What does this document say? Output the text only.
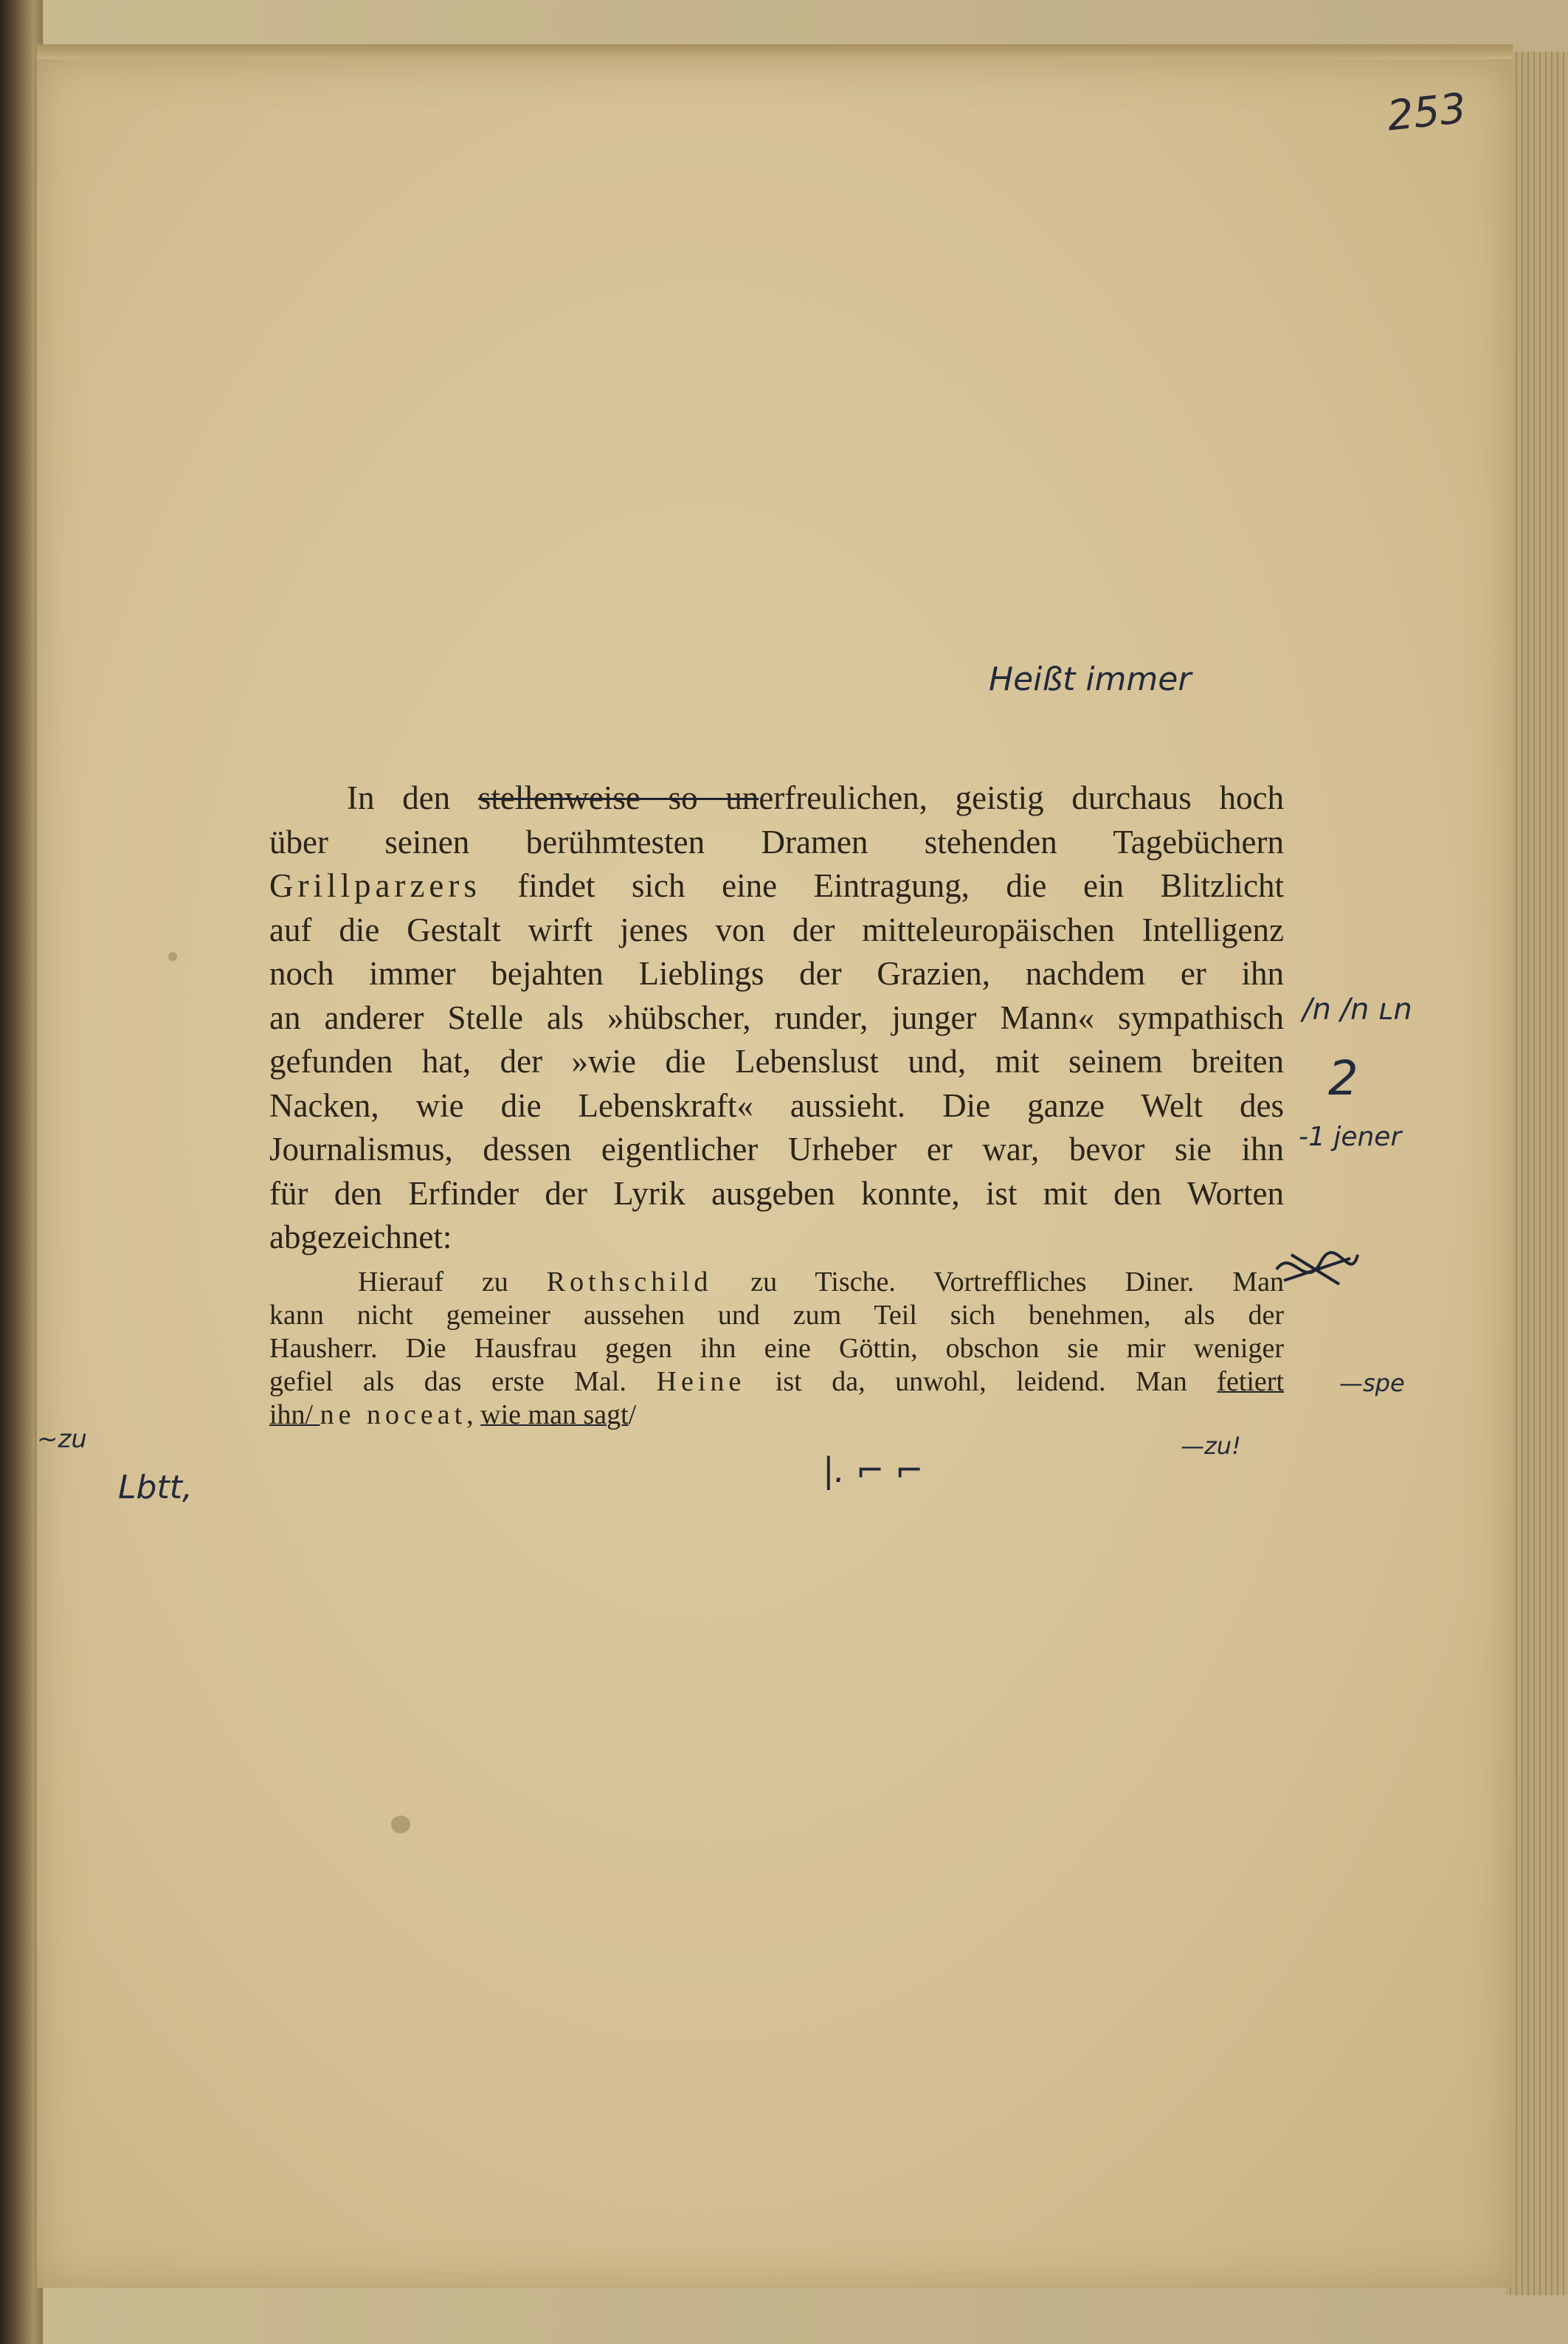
253
Heißt immer
In den stellenweise so unerfreulichen, geistig durchaus hoch
über seinen berühmtesten Dramen stehenden Tagebüchern
Grillparzers findet sich eine Eintragung, die ein Blitzlicht
auf die Gestalt wirft jenes von der mitteleuropäischen Intelligenz
noch immer bejahten Lieblings der Grazien, nachdem er ihn
an anderer Stelle als »hübscher, runder, junger Mann« sympathisch
gefunden hat, der »wie die Lebenslust und, mit seinem breiten
Nacken, wie die Lebenskraft« aussieht. Die ganze Welt des
Journalismus, dessen eigentlicher Urheber er war, bevor sie ihn
für den Erfinder der Lyrik ausgeben konnte, ist mit den Worten
abgezeichnet:
Hierauf zu Rothschild zu Tische. Vortreffliches Diner. Man
kann nicht gemeiner aussehen und zum Teil sich benehmen, als der
Hausherr. Die Hausfrau gegen ihn eine Göttin, obschon sie mir weniger
gefiel als das erste Mal. Heine ist da, unwohl, leidend. Man fetiert
ihn/ ne noceat, wie man sagt/
/n /n ʟn
2
-1 jener
—spe
—zu!
~zu
Lbtt,	|. ⌐ ⌐
